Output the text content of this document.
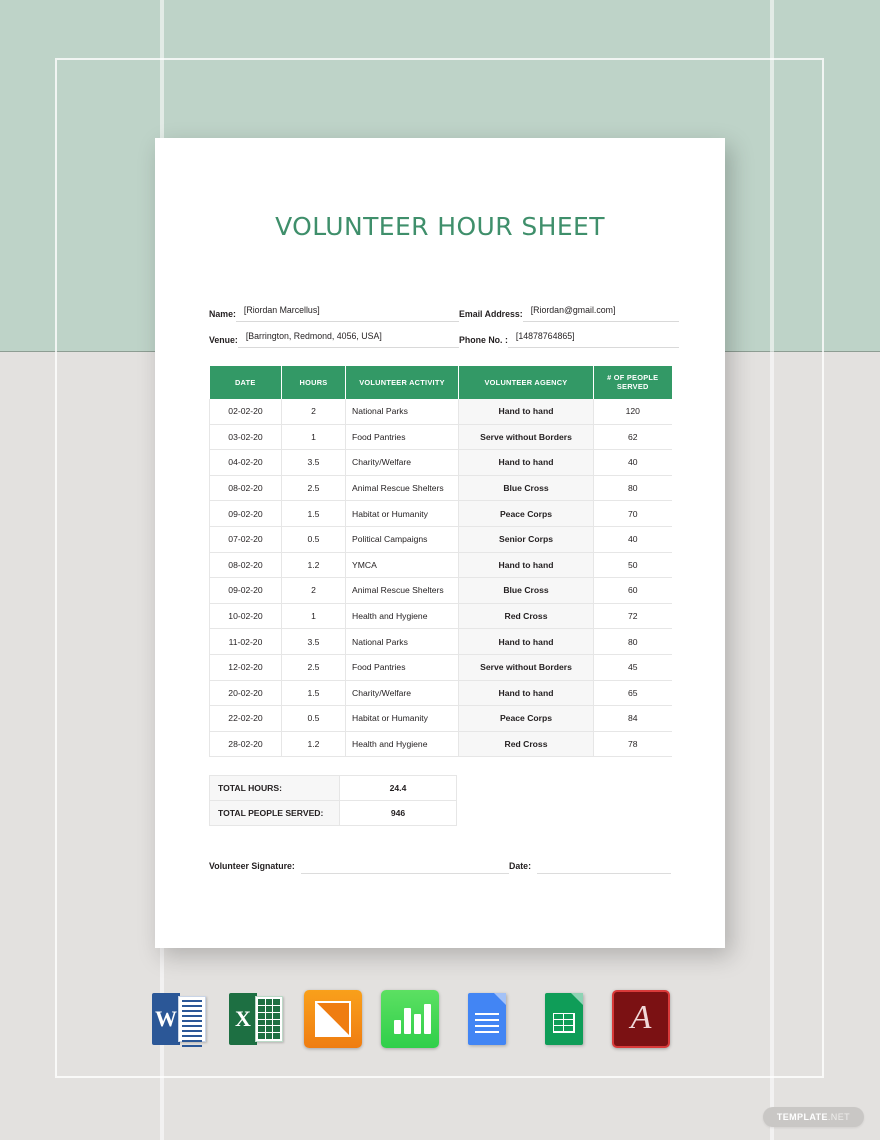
VOLUNTEER HOUR SHEET
Name: [Riordan Marcellus]	Email Address: [Riordan@gmail.com]
Venue: [Barrington, Redmond, 4056, USA]	Phone No. : [14878764865]
DATE	HOURS	VOLUNTEER ACTIVITY	VOLUNTEER AGENCY	# OF PEOPLE SERVED
02-02-20	2	National Parks	Hand to hand	120
03-02-20	1	Food Pantries	Serve without Borders	62
04-02-20	3.5	Charity/Welfare	Hand to hand	40
08-02-20	2.5	Animal Rescue Shelters	Blue Cross	80
09-02-20	1.5	Habitat or Humanity	Peace Corps	70
07-02-20	0.5	Political Campaigns	Senior Corps	40
08-02-20	1.2	YMCA	Hand to hand	50
09-02-20	2	Animal Rescue Shelters	Blue Cross	60
10-02-20	1	Health and Hygiene	Red Cross	72
11-02-20	3.5	National Parks	Hand to hand	80
12-02-20	2.5	Food Pantries	Serve without Borders	45
20-02-20	1.5	Charity/Welfare	Hand to hand	65
22-02-20	0.5	Habitat or Humanity	Peace Corps	84
28-02-20	1.2	Health and Hygiene	Red Cross	78
TOTAL HOURS:	24.4
TOTAL PEOPLE SERVED:	946
Volunteer Signature:	Date:
W	X	A
TEMPLATE.NET
